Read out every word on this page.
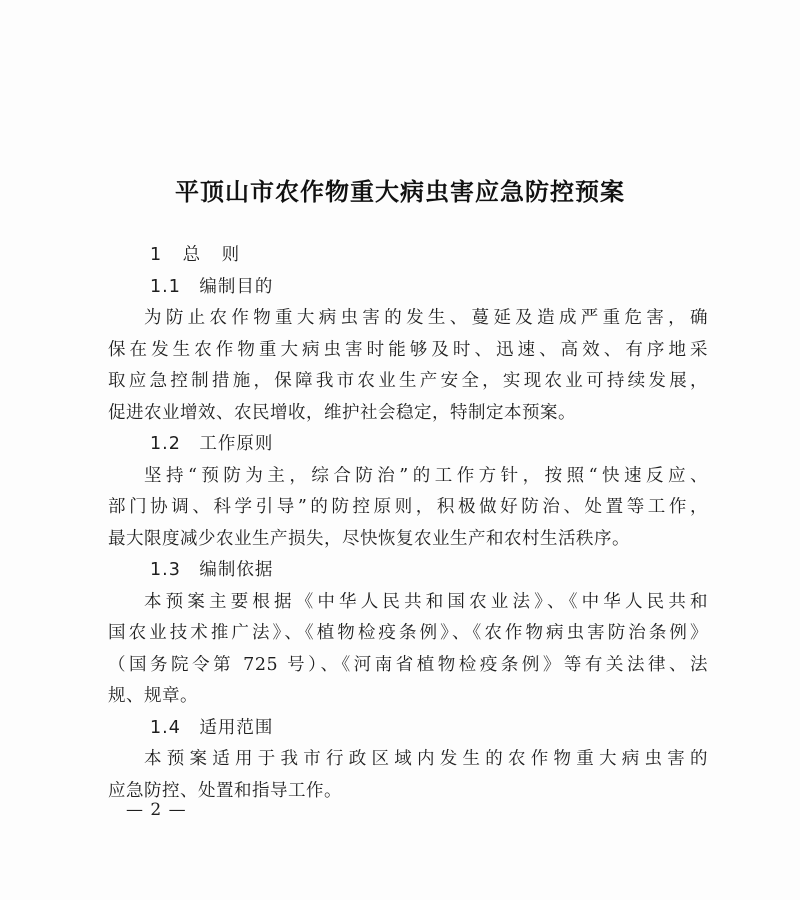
平顶山市农作物重大病虫害应急防控预案
1　总　则
1.1　编制目的
为防止农作物重大病虫害的发生、蔓延及造成严重危害，确
保在发生农作物重大病虫害时能够及时、迅速、高效、有序地采
取应急控制措施，保障我市农业生产安全，实现农业可持续发展，
促进农业增效、农民增收，维护社会稳定，特制定本预案。
1.2　工作原则
坚持“预防为主，综合防治”的工作方针，按照“快速反应、
部门协调、科学引导”的防控原则，积极做好防治、处置等工作，
最大限度减少农业生产损失，尽快恢复农业生产和农村生活秩序。
1.3　编制依据
本预案主要根据《中华人民共和国农业法》、《中华人民共和
国农业技术推广法》、《植物检疫条例》、《农作物病虫害防治条例》
（国务院令第 725 号）、《河南省植物检疫条例》等有关法律、法
规、规章。
1.4　适用范围
本预案适用于我市行政区域内发生的农作物重大病虫害的
应急防控、处置和指导工作。
— 2 —
